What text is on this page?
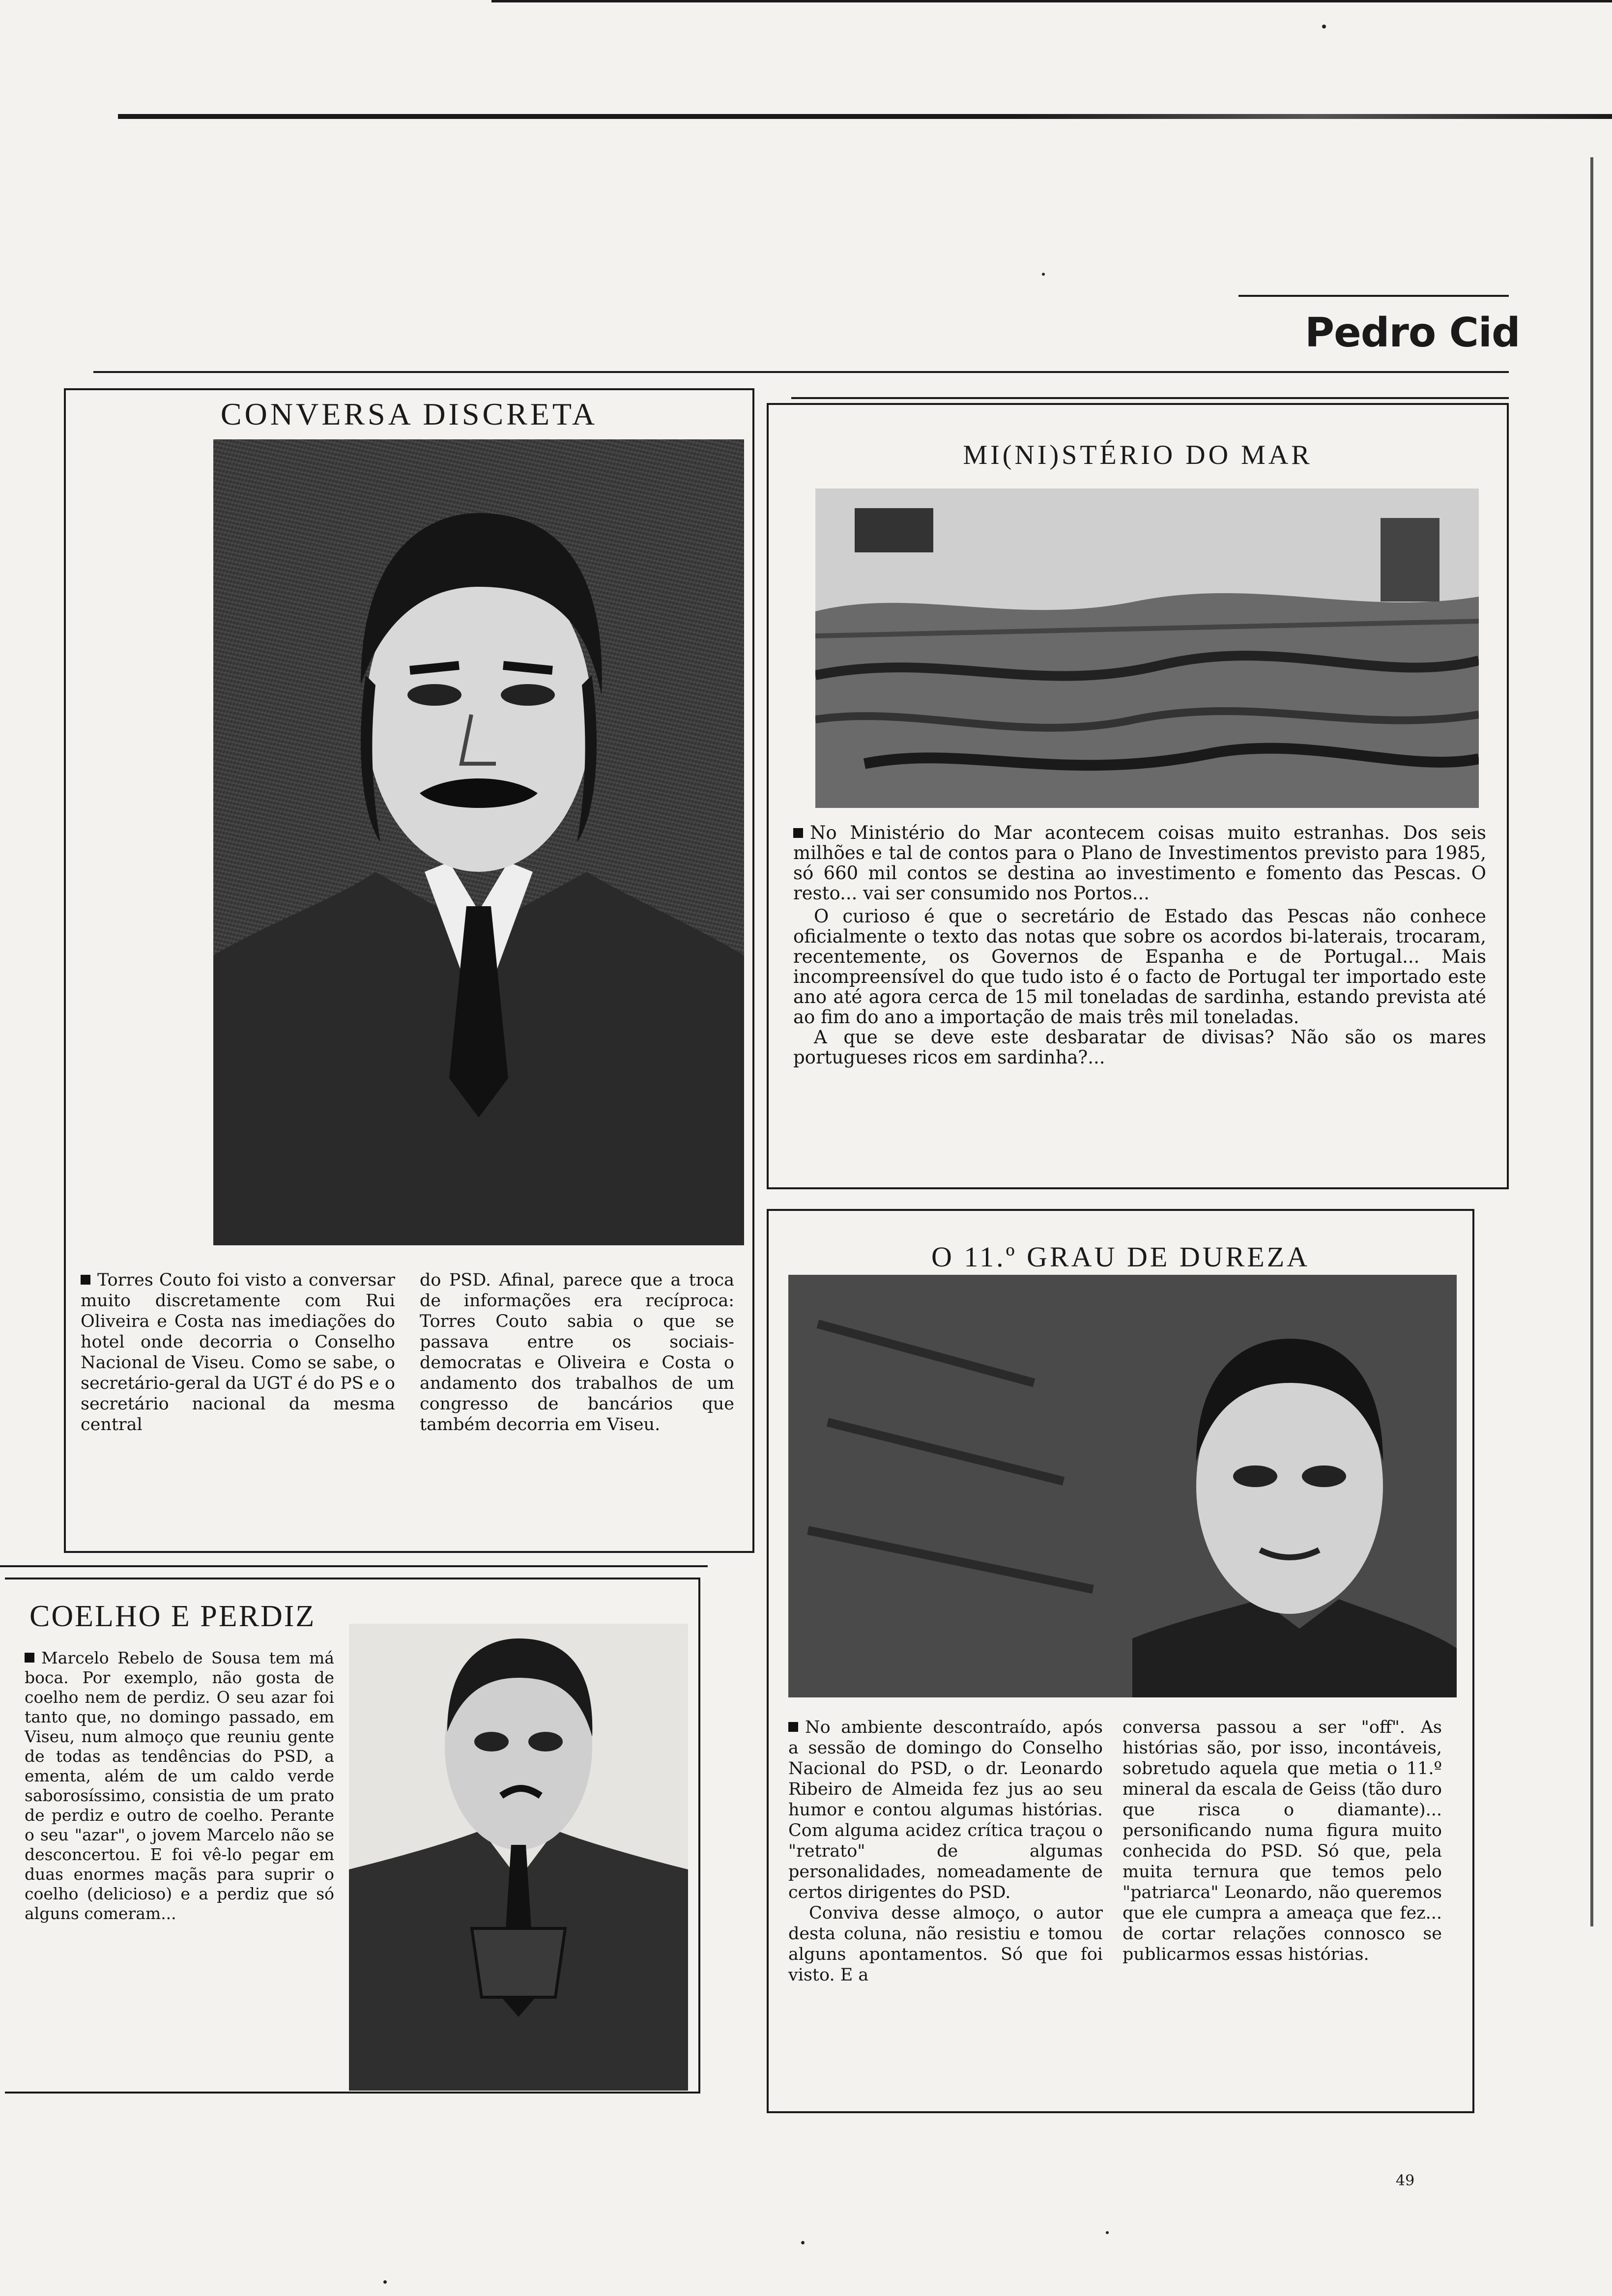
Pedro Cid
CONVERSA DISCRETA
Torres Couto foi visto a conversar muito discretamente com Rui Oliveira e Costa nas imediações do hotel onde decorria o Conselho Nacional de Viseu. Como se sabe, o secretário-geral da UGT é do PS e o secretário nacional da mesma central
do PSD. Afinal, parece que a troca de informações era recíproca: Torres Couto sabia o que se passava entre os sociais-democratas e Oliveira e Costa o andamento dos trabalhos de um congresso de bancários que também decorria em Viseu.
MI(NI)STÉRIO DO MAR

No Ministério do Mar acontecem coisas muito estranhas. Dos seis milhões e tal de contos para o Plano de Investimentos previsto para 1985, só 660 mil contos se destina ao investimento e fomento das Pescas. O resto... vai ser consumido nos Portos...

O curioso é que o secretário de Estado das Pescas não conhece oficialmente o texto das notas que sobre os acordos bi-laterais, trocaram, recentemente, os Governos de Espanha e de Portugal... Mais incompreensível do que tudo isto é o facto de Portugal ter importado este ano até agora cerca de 15 mil toneladas de sardinha, estando prevista até ao fim do ano a importação de mais três mil toneladas.

A que se deve este desbaratar de divisas? Não são os mares portugueses ricos em sardinha?...

COELHO E PERDIZ
Marcelo Rebelo de Sousa tem má boca. Por exemplo, não gosta de coelho nem de perdiz. O seu azar foi tanto que, no domingo passado, em Viseu, num almoço que reuniu gente de todas as tendências do PSD, a ementa, além de um caldo verde saborosíssimo, consistia de um prato de perdiz e outro de coelho. Perante o seu "azar", o jovem Marcelo não se desconcertou. E foi vê-lo pegar em duas enormes maçãs para suprir o coelho (delicioso) e a perdiz que só alguns comeram...
O 11.º GRAU DE DUREZA

No ambiente descontraído, após a sessão de domingo do Conselho Nacional do PSD, o dr. Leonardo Ribeiro de Almeida fez jus ao seu humor e contou algumas histórias. Com alguma acidez crítica traçou o "retrato" de algumas personalidades, nomeadamente de certos dirigentes do PSD.

Conviva desse almoço, o autor desta coluna, não resistiu e tomou alguns apontamentos. Só que foi visto. E a

conversa passou a ser "off". As histórias são, por isso, incontáveis, sobretudo aquela que metia o 11.º mineral da escala de Geiss (tão duro que risca o diamante)... personificando numa figura muito conhecida do PSD. Só que, pela muita ternura que temos pelo "patriarca" Leonardo, não queremos que ele cumpra a ameaça que fez... de cortar relações connosco se publicarmos essas histórias.
49
